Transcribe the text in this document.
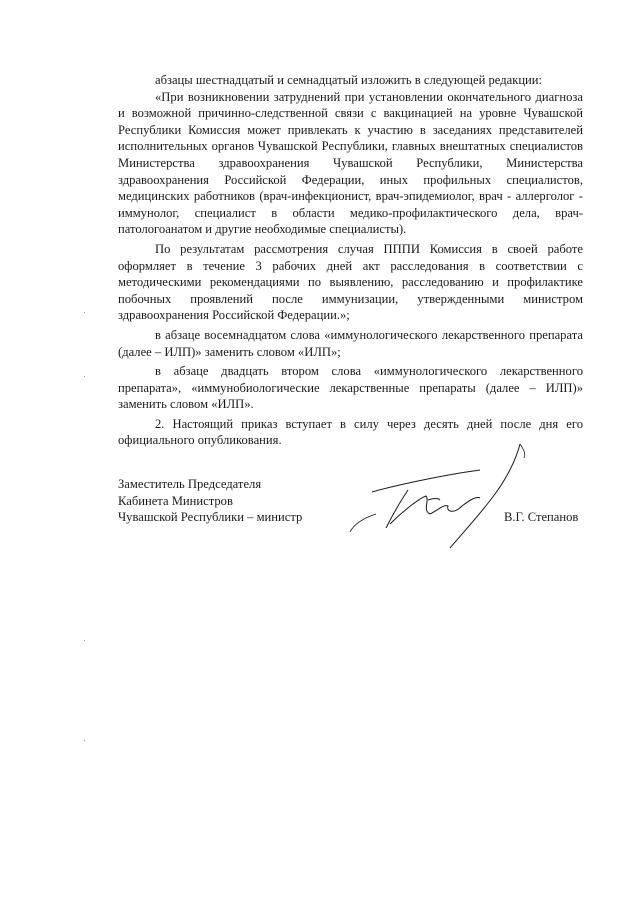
абзацы шестнадцатый и семнадцатый изложить в следующей редакции:

«При возникновении затруднений при установлении окончательного диагноза и возможной причинно-следственной связи с вакцинацией на уровне Чувашской Республики Комиссия может привлекать к участию в заседаниях представителей исполнительных органов Чувашской Республики, главных внештатных специалистов Министерства здравоохранения Чувашской Республики, Министерства здравоохранения Российской Федерации, иных профильных специалистов, медицинских работников (врач-инфекционист, врач-эпидемиолог, врач - аллерголог - иммунолог, специалист в области медико-профилактического дела, врач-патологоанатом и другие необходимые специалисты).

По результатам рассмотрения случая ПППИ Комиссия в своей работе оформляет в течение 3 рабочих дней акт расследования в соответствии с методическими рекомендациями по выявлению, расследованию и профилактике побочных проявлений после иммунизации, утвержденными министром здравоохранения Российской Федерации.»;

в абзаце восемнадцатом слова «иммунологического лекарственного препарата (далее – ИЛП)» заменить словом «ИЛП»;

в абзаце двадцать втором слова «иммунологического лекарственного препарата», «иммунобиологические лекарственные препараты (далее – ИЛП)» заменить словом «ИЛП».

2. Настоящий приказ вступает в силу через десять дней после дня его официального опубликования.

Заместитель Председателя
Кабинета Министров
Чувашской Республики – министр	В.Г. Степанов
